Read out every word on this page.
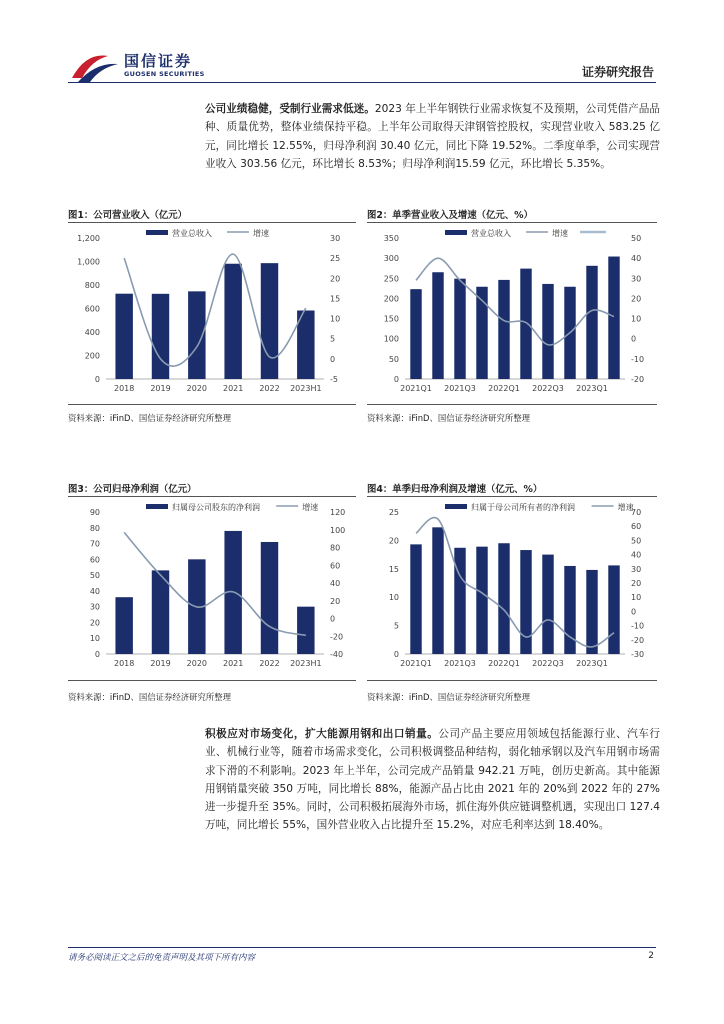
国信证券
GUOSEN SECURITIES	证券研究报告
公司业绩稳健，受制行业需求低迷。2023 年上半年钢铁行业需求恢复不及预期，公司凭借产品品种、质量优势，整体业绩保持平稳。上半年公司取得天津钢管控股权，实现营业收入 583.25 亿元，同比增长 12.55%，归母净利润 30.40 亿元，同比下降 19.52%。二季度单季，公司实现营业收入 303.56 亿元，环比增长 8.53%；归母净利润15.59 亿元，环比增长 5.35%。
图1：公司营业收入（亿元）
0
200
400
600
800
1,000
1,200
-5
0
5
10
15
20
25
30
2018 2019 2020 2021 2022 2023H1
营业总收入	增速
资料来源：iFinD、国信证券经济研究所整理
图2：单季营业收入及增速（亿元、%）
0
50
100
150
200
250
300
350
-20
-10
0
10
20
30
40
50
2021Q1 2021Q3 2022Q1 2022Q3 2023Q1
营业总收入	增速
资料来源：iFinD、国信证券经济研究所整理
图3：公司归母净利润（亿元）
0
10
20
30
40
50
60
70
80
90
-40
-20
0
20
40
60
80
100
120
2018 2019 2020 2021 2022 2023H1
归属母公司股东的净利润	增速
资料来源：iFinD、国信证券经济研究所整理
图4：单季归母净利润及增速（亿元、%）
0
5
10
15
20
25
-30
-20
-10
0
10
20
30
40
50
60
70
2021Q1 2021Q3 2022Q1 2022Q3 2023Q1
归属于母公司所有者的净利润	增速
资料来源：iFinD、国信证券经济研究所整理
积极应对市场变化，扩大能源用钢和出口销量。公司产品主要应用领域包括能源行业、汽车行业、机械行业等，随着市场需求变化，公司积极调整品种结构，弱化轴承钢以及汽车用钢市场需求下滑的不利影响。2023 年上半年，公司完成产品销量 942.21 万吨，创历史新高。其中能源用钢销量突破 350 万吨，同比增长 88%，能源产品占比由 2021 年的 20%到 2022 年的 27%进一步提升至 35%。同时，公司积极拓展海外市场，抓住海外供应链调整机遇，实现出口 127.4 万吨，同比增长 55%，国外营业收入占比提升至 15.2%，对应毛利率达到 18.40%。
请务必阅读正文之后的免责声明及其项下所有内容	2
